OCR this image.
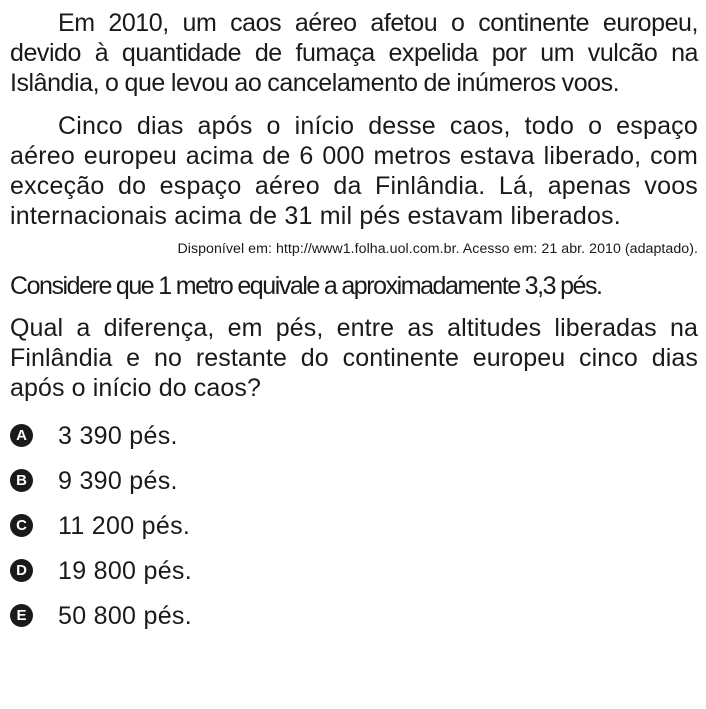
Em 2010, um caos aéreo afetou o continente europeu, devido à quantidade de fumaça expelida por um vulcão na Islândia, o que levou ao cancelamento de inúmeros voos.

Cinco dias após o início desse caos, todo o espaço aéreo europeu acima de 6 000 metros estava liberado, com exceção do espaço aéreo da Finlândia. Lá, apenas voos internacionais acima de 31 mil pés estavam liberados.

Disponível em: http://www1.folha.uol.com.br. Acesso em: 21 abr. 2010 (adaptado).

Considere que 1 metro equivale a aproximadamente 3,3 pés.

Qual a diferença, em pés, entre as altitudes liberadas na Finlândia e no restante do continente europeu cinco dias após o início do caos?

A 3 390 pés.
B 9 390 pés.
C 11 200 pés.
D 19 800 pés.
E 50 800 pés.
